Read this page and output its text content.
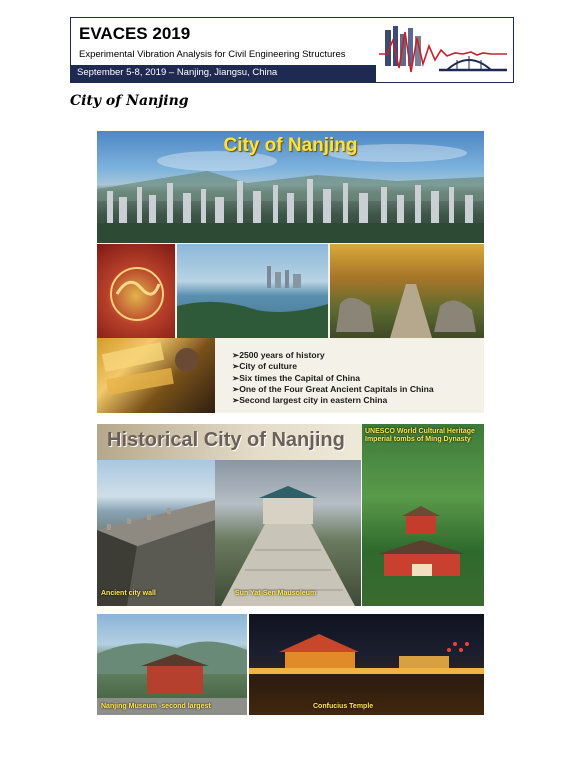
EVACES 2019
Experimental Vibration Analysis for Civil Engineering Structures
September 5-8, 2019 – Nanjing, Jiangsu, China
City of Nanjing
City of Nanjing
➢2500 years of history
➢City of culture
➢Six times the Capital of China
➢One of the Four Great Ancient Capitals in China
➢Second largest city in eastern China
Historical City of Nanjing
Ancient city wall	Sun Yat-Sen Mausoleum
UNESCO World Cultural Heritage Imperial tombs of Ming Dynasty
Nanjing Museum -second largest	Confucius Temple
